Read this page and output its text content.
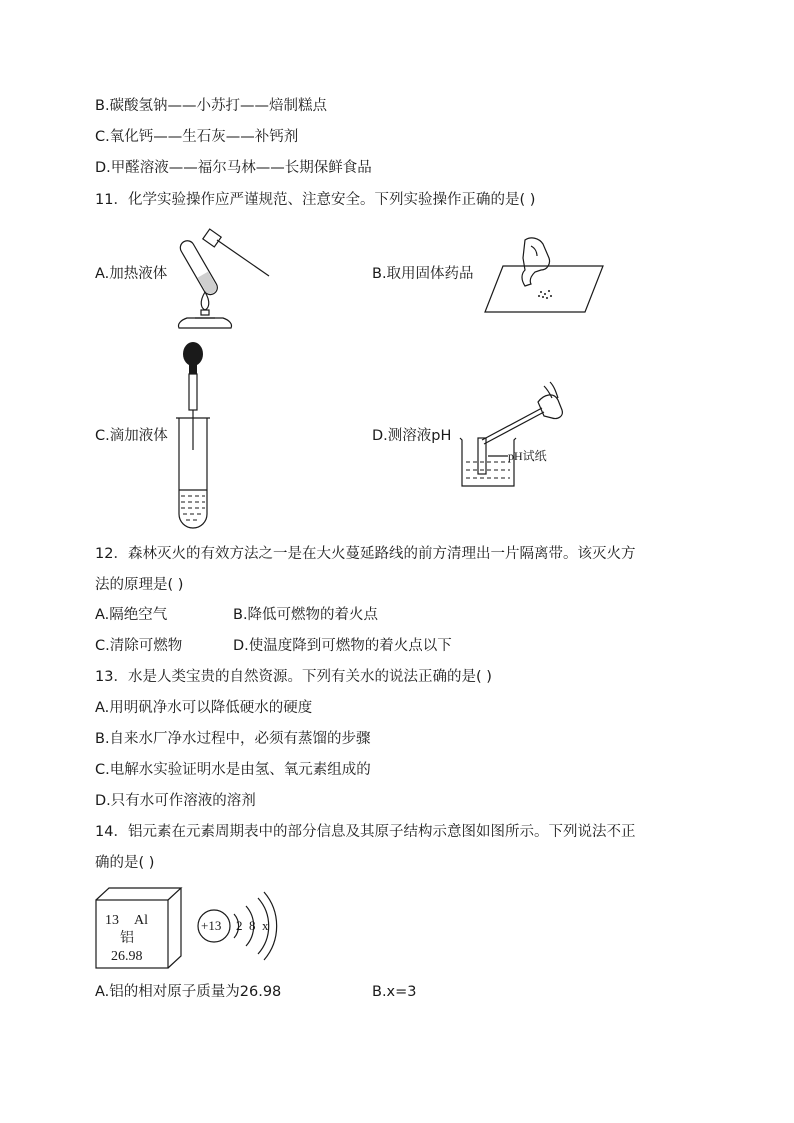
B.碳酸氢钠——小苏打——焙制糕点
C.氧化钙——生石灰——补钙剂
D.甲醛溶液——福尔马林——长期保鲜食品
11．化学实验操作应严谨规范、注意安全。下列实验操作正确的是( )
A.加热液体	B.取用固体药品
C.滴加液体	D.测溶液pH
pH试纸
12．森林灭火的有效方法之一是在大火蔓延路线的前方清理出一片隔离带。该灭火方
法的原理是( )
A.隔绝空气	B.降低可燃物的着火点
C.清除可燃物	D.使温度降到可燃物的着火点以下
13．水是人类宝贵的自然资源。下列有关水的说法正确的是( )
A.用明矾净水可以降低硬水的硬度
B.自来水厂净水过程中，必须有蒸馏的步骤
C.电解水实验证明水是由氢、氧元素组成的
D.只有水可作溶液的溶剂
14．铝元素在元素周期表中的部分信息及其原子结构示意图如图所示。下列说法不正
确的是( )
13 Al
铝
26.98
+13 2 8 x
A.铝的相对原子质量为26.98	B.x=3
